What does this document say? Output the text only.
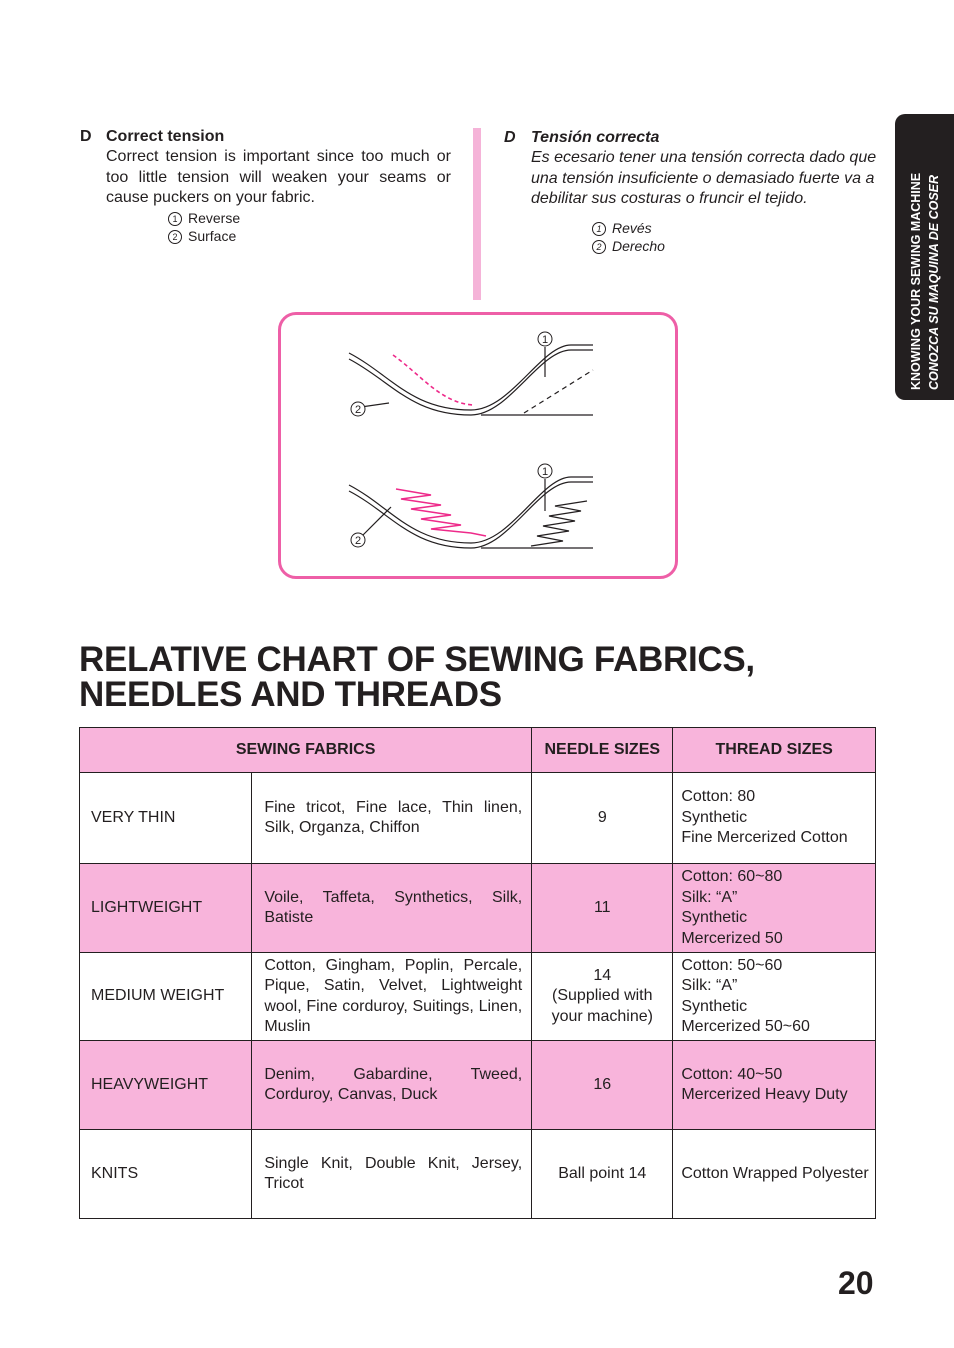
D Correct tension
Correct tension is important since too much or too little tension will weaken your seams or cause puckers on your fabric.
1 Reverse
2 Surface
D Tensión correcta
Es ecesario tener una tensión correcta dado que una tensión insuficiente o demasiado fuerte va a debilitar sus costuras o fruncir el tejido.
1 Revés
2 Derecho	KNOWING YOUR SEWING MACHINE CONOZCA SU MAQUINA DE COSER
1
2
1
2
RELATIVE CHART OF SEWING FABRICS,
NEEDLES AND THREADS
SEWING FABRICS		NEEDLE SIZES	THREAD SIZES
VERY THIN	Fine tricot, Fine lace, Thin linen, Silk, Organza, Chiffon	9	Cotton: 80
Synthetic
Fine Mercerized Cotton

LIGHTWEIGHT	Voile, Taffeta, Synthetics, Silk, Batiste	11	Cotton: 60~80
Silk: “A”
Synthetic
Mercerized 50

MEDIUM WEIGHT	Cotton, Gingham, Poplin, Percale, Pique, Satin, Velvet, Lightweight wool, Fine corduroy, Suitings, Linen, Muslin	14
(Supplied with
your machine)	Cotton: 50~60
Silk: “A”
Synthetic
Mercerized 50~60

HEAVYWEIGHT	Denim, Gabardine, Tweed, Corduroy, Canvas, Duck	16	Cotton: 40~50
Mercerized Heavy Duty

KNITS	Single Knit, Double Knit, Jersey, Tricot	Ball point 14	Cotton Wrapped Polyester
20
